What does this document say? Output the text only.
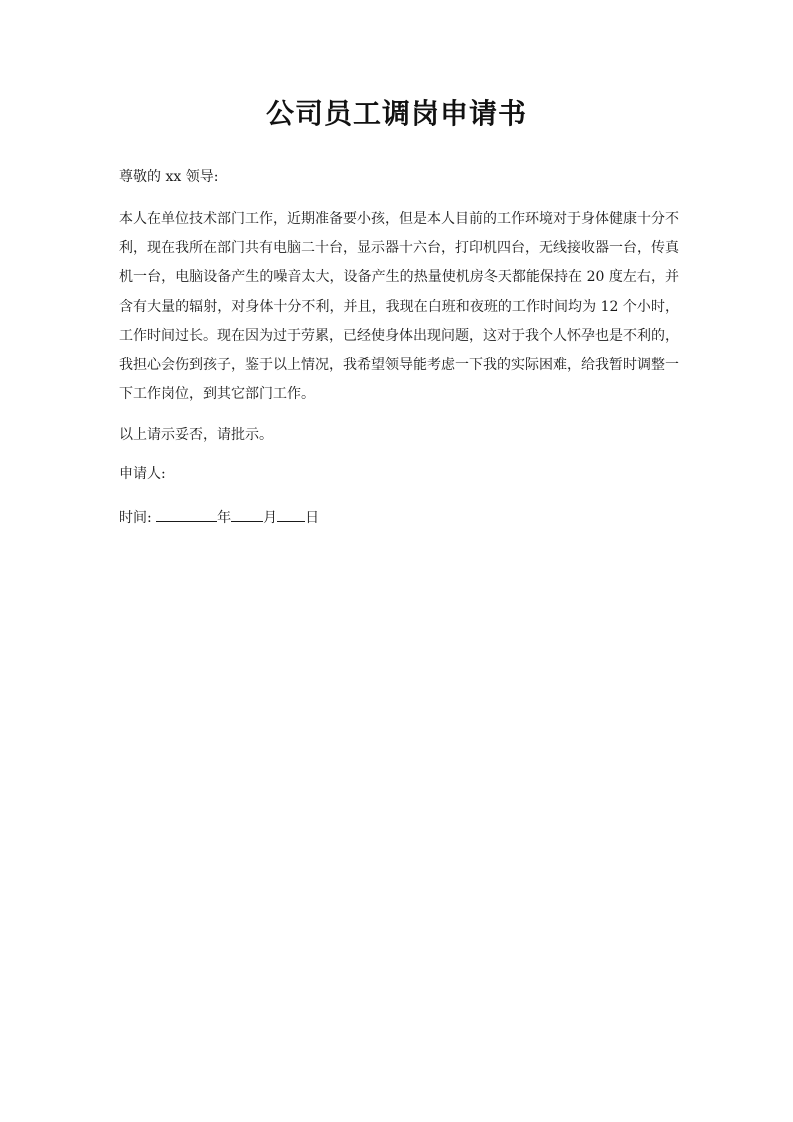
公司员工调岗申请书
尊敬的 xx 领导:
本人在单位技术部门工作，近期准备要小孩，但是本人目前的工作环境对于身体健康十分不利，现在我所在部门共有电脑二十台，显示器十六台，打印机四台，无线接收器一台，传真机一台，电脑设备产生的噪音太大，设备产生的热量使机房冬天都能保持在 20 度左右，并含有大量的辐射，对身体十分不利，并且，我现在白班和夜班的工作时间均为 12 个小时，工作时间过长。现在因为过于劳累，已经使身体出现问题，这对于我个人怀孕也是不利的，我担心会伤到孩子，鉴于以上情况，我希望领导能考虑一下我的实际困难，给我暂时调整一下工作岗位，到其它部门工作。
以上请示妥否，请批示。
申请人:
时间:	年 月 日
